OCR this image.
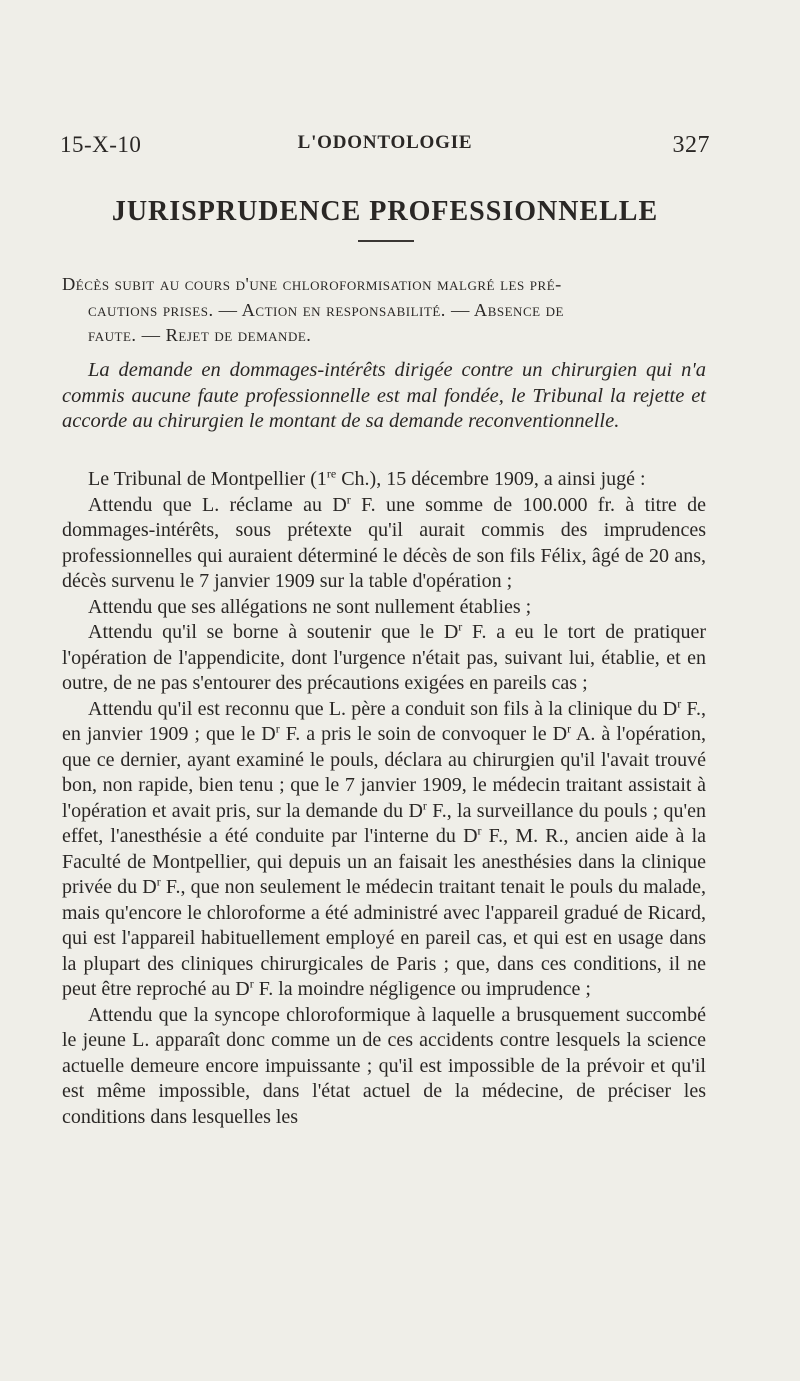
15-X-10	L'ODONTOLOGIE	327
JURISPRUDENCE PROFESSIONNELLE
Décès subit au cours d'une chloroformisation malgré les pré-
cautions prises. — Action en responsabilité. — Absence de
faute. — Rejet de demande.

La demande en dommages-intérêts dirigée contre un chirurgien qui n'a commis aucune faute professionnelle est mal fondée, le Tribunal la rejette et accorde au chirurgien le montant de sa demande reconventionnelle.

Le Tribunal de Montpellier (1re Ch.), 15 décembre 1909, a ainsi jugé :

Attendu que L. réclame au $D^r$ F. une somme de 100.000 fr. à titre de dommages-intérêts, sous prétexte qu'il aurait commis des imprudences professionnelles qui auraient déterminé le décès de son fils Félix, âgé de 20 ans, décès survenu le 7 janvier 1909 sur la table d'opération ;

Attendu que ses allégations ne sont nullement établies ;

Attendu qu'il se borne à soutenir que le $D^r$ F. a eu le tort de pratiquer l'opération de l'appendicite, dont l'urgence n'était pas, suivant lui, établie, et en outre, de ne pas s'entourer des précautions exigées en pareils cas ;

Attendu qu'il est reconnu que L. père a conduit son fils à la clinique du $D^r$ F., en janvier 1909 ; que le $D^r$ F. a pris le soin de convoquer le $D^r$ A. à l'opération, que ce dernier, ayant examiné le pouls, déclara au chirurgien qu'il l'avait trouvé bon, non rapide, bien tenu ; que le 7 janvier 1909, le médecin traitant assistait à l'opération et avait pris, sur la demande du $D^r$ F., la surveillance du pouls ; qu'en effet, l'anesthésie a été conduite par l'interne du $D^r$ F., M. R., ancien aide à la Faculté de Montpellier, qui depuis un an faisait les anesthésies dans la clinique privée du $D^r$ F., que non seulement le médecin traitant tenait le pouls du malade, mais qu'encore le chloroforme a été administré avec l'appareil gradué de Ricard, qui est l'appareil habituellement employé en pareil cas, et qui est en usage dans la plupart des cliniques chirurgicales de Paris ; que, dans ces conditions, il ne peut être reproché au $D^r$ F. la moindre négligence ou imprudence ;

Attendu que la syncope chloroformique à laquelle a brusquement succombé le jeune L. apparaît donc comme un de ces accidents contre lesquels la science actuelle demeure encore impuissante ; qu'il est impossible de la prévoir et qu'il est même impossible, dans l'état actuel de la médecine, de préciser les conditions dans lesquelles les
